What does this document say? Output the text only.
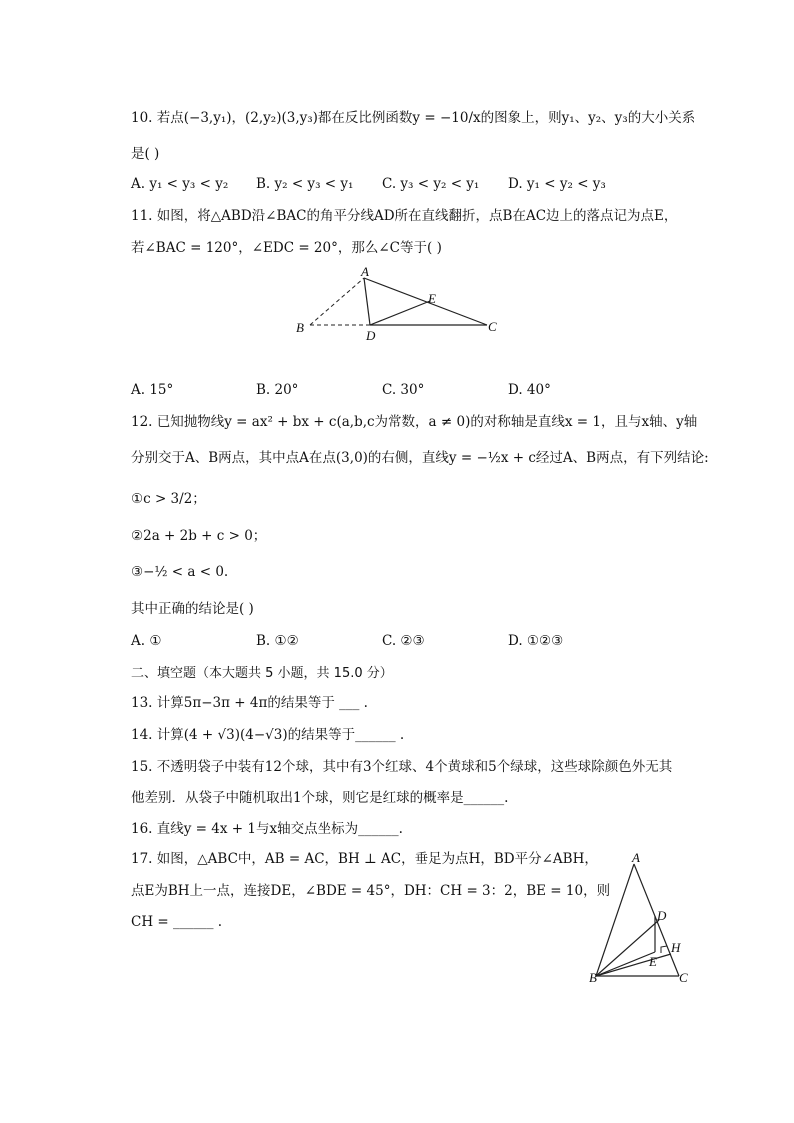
10. 若点(−3,y₁)，(2,y₂)(3,y₃)都在反比例函数y = −10/x的图象上，则y₁、y₂、y₃的大小关系
是( )
A. y₁ < y₃ < y₂ B. y₂ < y₃ < y₁ C. y₃ < y₂ < y₁ D. y₁ < y₂ < y₃
11. 如图，将△ABD沿∠BAC的角平分线AD所在直线翻折，点B在AC边上的落点记为点E，
若∠BAC = 120°，∠EDC = 20°，那么∠C等于( )
A
B	C
D
E
A. 15°	B. 20°	C. 30°	D. 40°
12. 已知抛物线y = ax² + bx + c(a,b,c为常数，a ≠ 0)的对称轴是直线x = 1，且与x轴、y轴
分别交于A、B两点，其中点A在点(3,0)的右侧，直线y = −½x + c经过A、B两点，有下列结论:
①c > 3/2；
②2a + 2b + c > 0；
③−½ < a < 0.
其中正确的结论是( )
A. ①	B. ①②	C. ②③	D. ①②③
二、填空题（本大题共 5 小题，共 15.0 分）
13. 计算5π−3π + 4π的结果等于 ___ .
14. 计算(4 + √3)(4−√3)的结果等于______ .
15. 不透明袋子中装有12个球，其中有3个红球、4个黄球和5个绿球，这些球除颜色外无其
他差别．从袋子中随机取出1个球，则它是红球的概率是______.
16. 直线y = 4x + 1与x轴交点坐标为______.
17. 如图，△ABC中，AB = AC，BH ⊥ AC，垂足为点H，BD平分∠ABH，
点E为BH上一点，连接DE，∠BDE = 45°，DH：CH = 3：2，BE = 10，则
CH = ______ .
A
B	C
D
E
H
